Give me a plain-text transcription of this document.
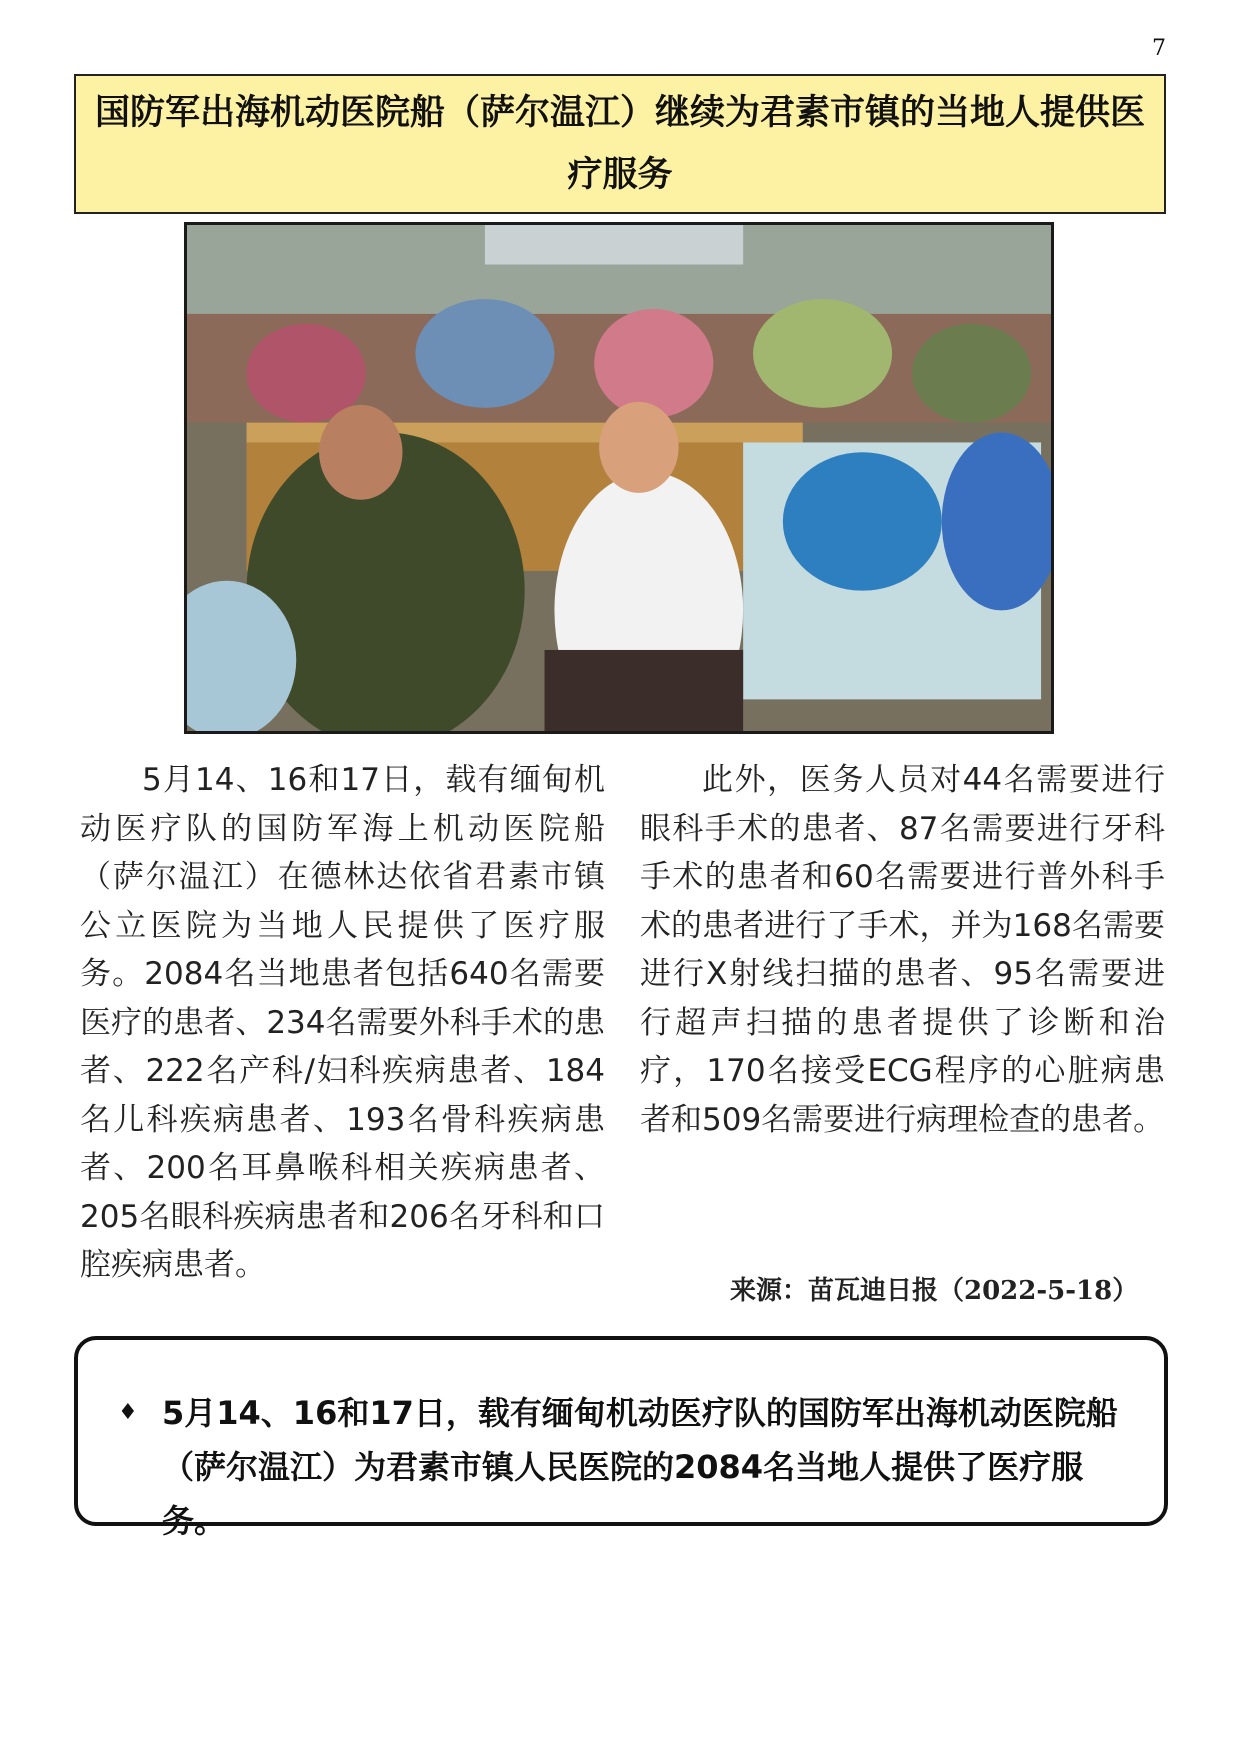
7
国防军出海机动医院船（萨尔温江）继续为君素市镇的当地人提供医疗服务

5月14、16和17日，载有缅甸机动医疗队的国防军海上机动医院船（萨尔温江）在德林达依省君素市镇公立医院为当地人民提供了医疗服务。2084名当地患者包括640名需要医疗的患者、234名需要外科手术的患者、222名产科/妇科疾病患者、184名儿科疾病患者、193名骨科疾病患者、200名耳鼻喉科相关疾病患者、205名眼科疾病患者和206名牙科和口腔疾病患者。

此外，医务人员对44名需要进行眼科手术的患者、87名需要进行牙科手术的患者和60名需要进行普外科手术的患者进行了手术，并为168名需要进行X射线扫描的患者、95名需要进行超声扫描的患者提供了诊断和治疗，170名接受ECG程序的心脏病患者和509名需要进行病理检查的患者。

来源：苗瓦迪日报（2022-5-18）
♦ 5月14、16和17日，载有缅甸机动医疗队的国防军出海机动医院船（萨尔温江）为君素市镇人民医院的2084名当地人提供了医疗服务。
